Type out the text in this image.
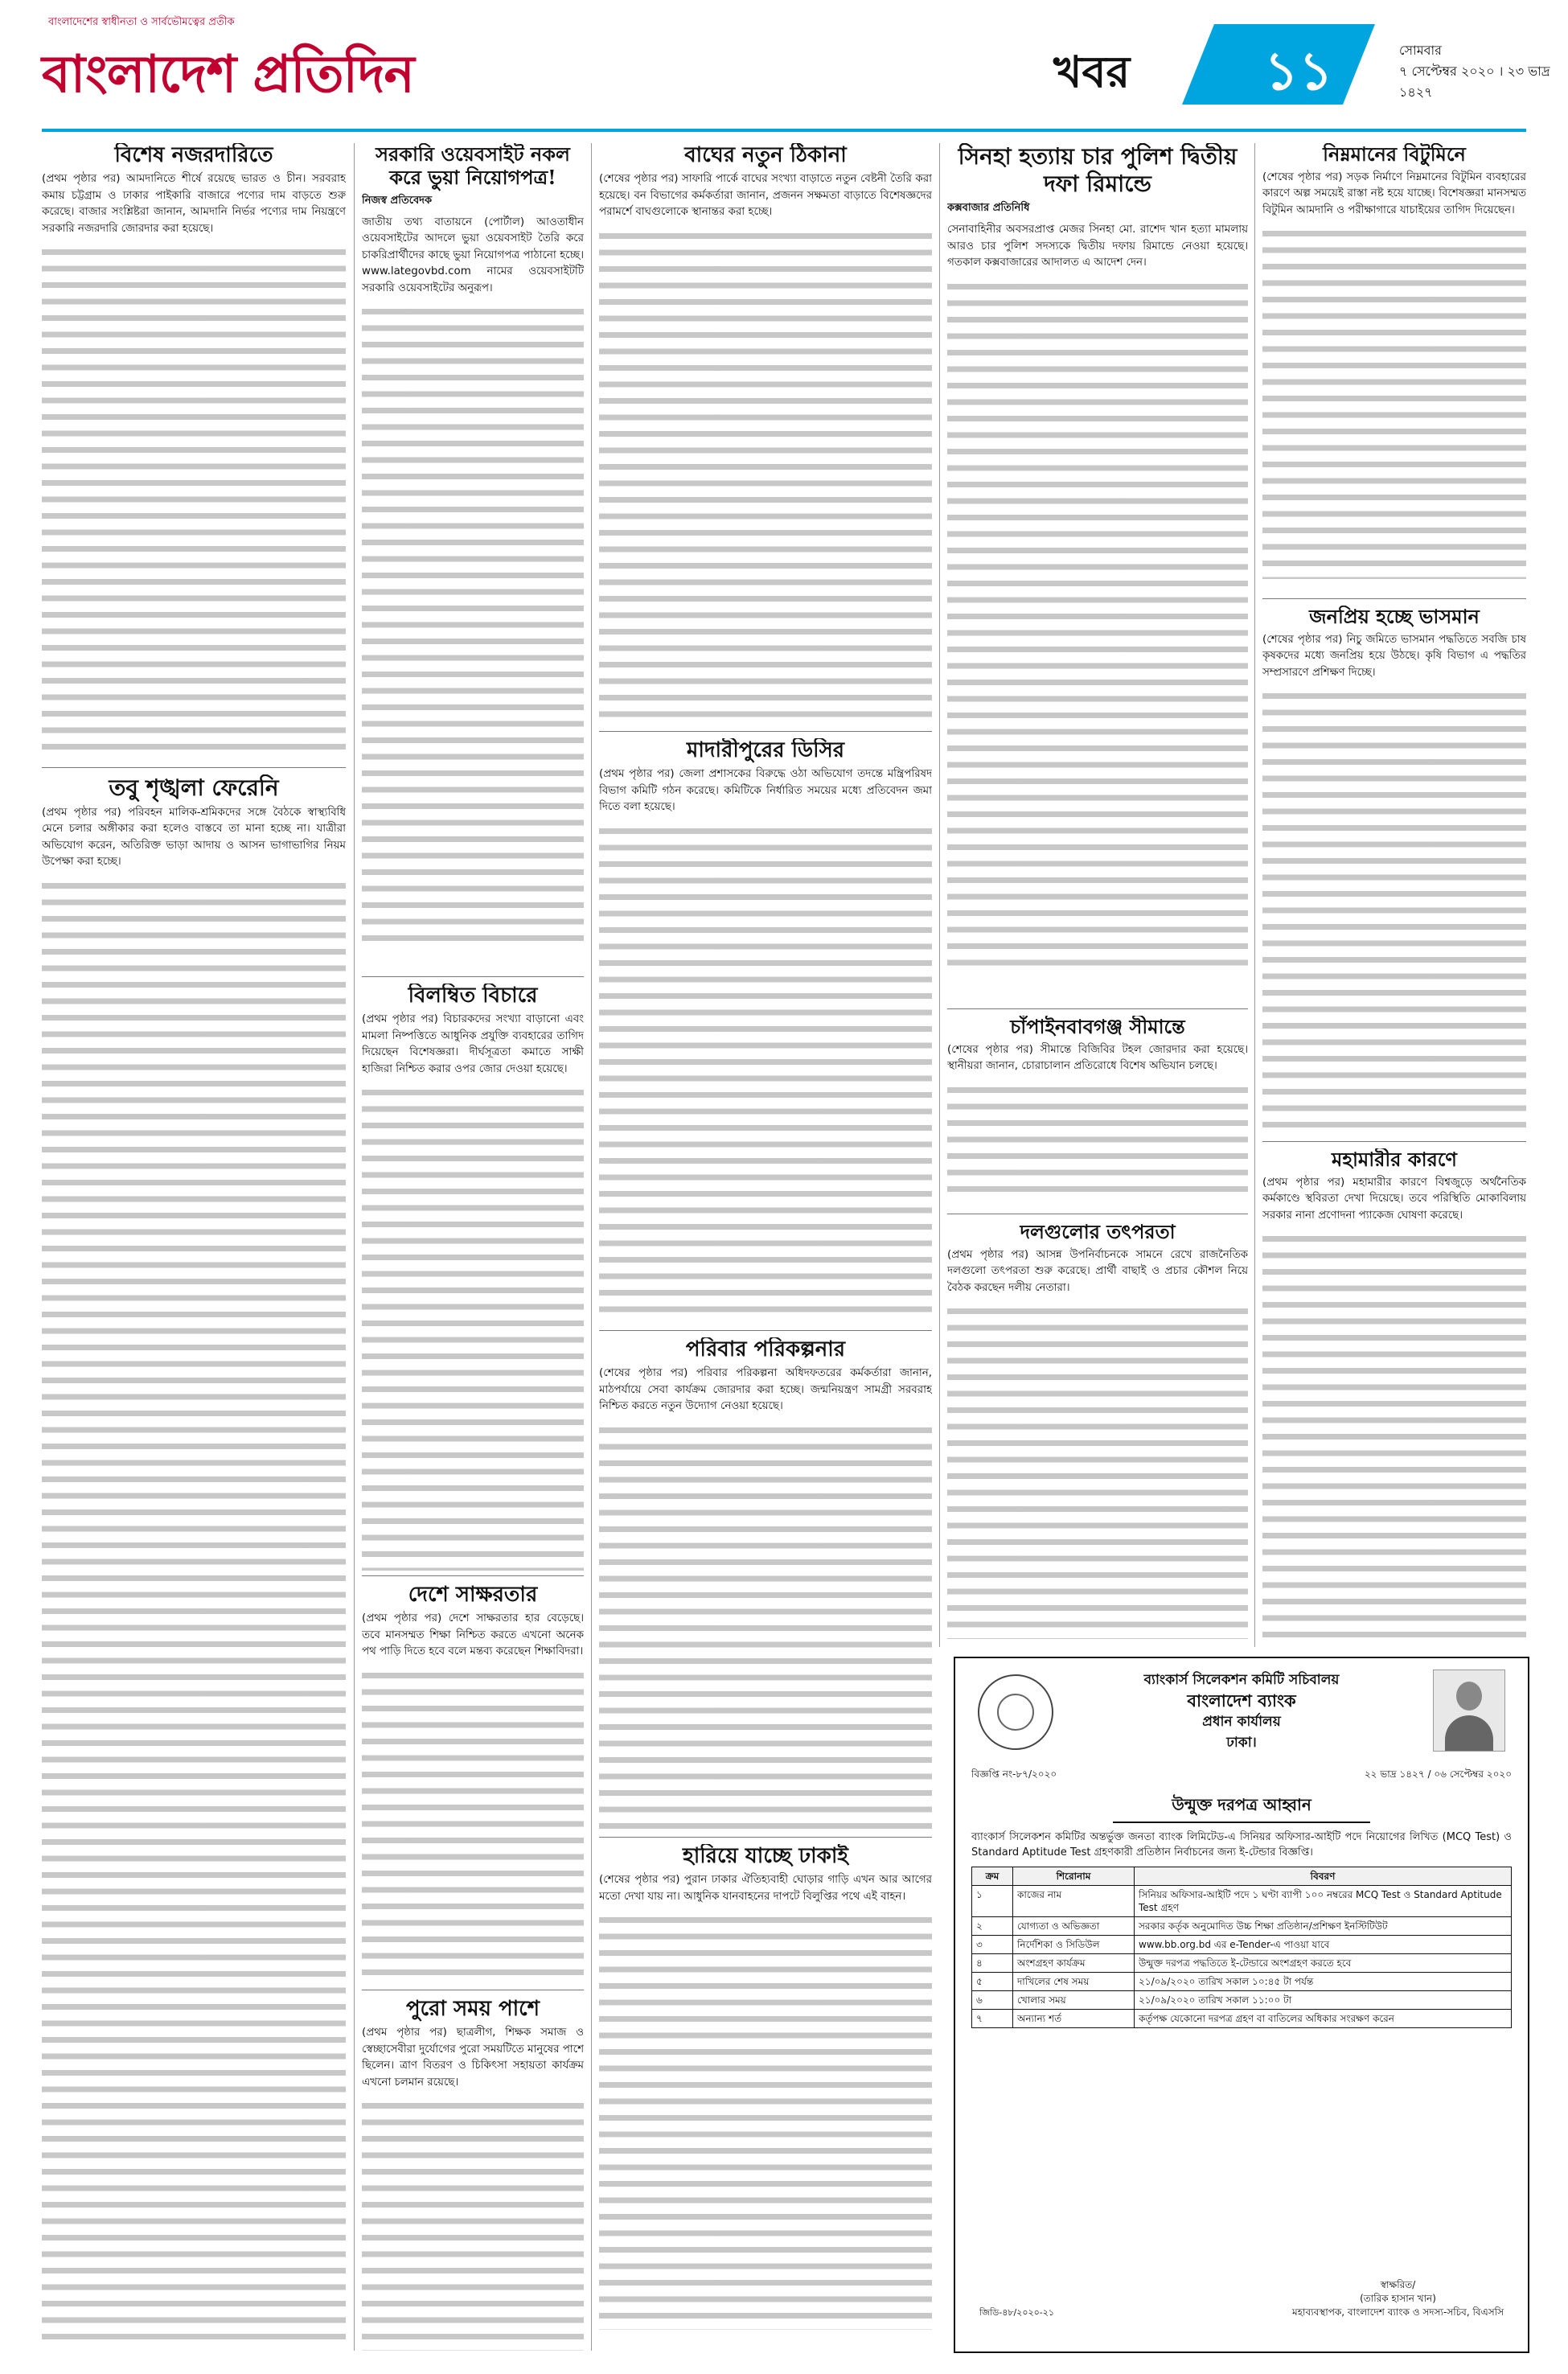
বাংলাদেশের স্বাধীনতা ও সার্বভৌমত্বের প্রতীক
বাংলাদেশ প্রতিদিন	খবর	১১	সোমবার
৭ সেপ্টেম্বর ২০২০ । ২৩ ভাদ্র ১৪২৭
বিশেষ নজরদারিতে

(প্রথম পৃষ্ঠার পর) আমদানিতে শীর্ষে রয়েছে ভারত ও চীন। সরবরাহ কমায় চট্টগ্রাম ও ঢাকার পাইকারি বাজারে পণ্যের দাম বাড়তে শুরু করেছে। বাজার সংশ্লিষ্টরা জানান, আমদানি নির্ভর পণ্যের দাম নিয়ন্ত্রণে সরকারি নজরদারি জোরদার করা হয়েছে।

তবু শৃঙ্খলা ফেরেনি

(প্রথম পৃষ্ঠার পর) পরিবহন মালিক-শ্রমিকদের সঙ্গে বৈঠকে স্বাস্থ্যবিধি মেনে চলার অঙ্গীকার করা হলেও বাস্তবে তা মানা হচ্ছে না। যাত্রীরা অভিযোগ করেন, অতিরিক্ত ভাড়া আদায় ও আসন ভাগাভাগির নিয়ম উপেক্ষা করা হচ্ছে।

সরকারি ওয়েবসাইট নকল করে ভুয়া নিয়োগপত্র!
নিজস্ব প্রতিবেদক

জাতীয় তথ্য বাতায়নে (পোর্টাল) আওতাধীন ওয়েবসাইটের আদলে ভুয়া ওয়েবসাইট তৈরি করে চাকরিপ্রার্থীদের কাছে ভুয়া নিয়োগপত্র পাঠানো হচ্ছে। www.lategovbd.com নামের ওয়েবসাইটটি সরকারি ওয়েবসাইটের অনুরূপ।

বিলম্বিত বিচারে

(প্রথম পৃষ্ঠার পর) বিচারকদের সংখ্যা বাড়ানো এবং মামলা নিষ্পত্তিতে আধুনিক প্রযুক্তি ব্যবহারের তাগিদ দিয়েছেন বিশেষজ্ঞরা। দীর্ঘসূত্রতা কমাতে সাক্ষী হাজিরা নিশ্চিত করার ওপর জোর দেওয়া হয়েছে।

দেশে সাক্ষরতার

(প্রথম পৃষ্ঠার পর) দেশে সাক্ষরতার হার বেড়েছে। তবে মানসম্মত শিক্ষা নিশ্চিত করতে এখনো অনেক পথ পাড়ি দিতে হবে বলে মন্তব্য করেছেন শিক্ষাবিদরা।

পুরো সময় পাশে

(প্রথম পৃষ্ঠার পর) ছাত্রলীগ, শিক্ষক সমাজ ও স্বেচ্ছাসেবীরা দুর্যোগের পুরো সময়টিতে মানুষের পাশে ছিলেন। ত্রাণ বিতরণ ও চিকিৎসা সহায়তা কার্যক্রম এখনো চলমান রয়েছে।

বাঘের নতুন ঠিকানা

(শেষের পৃষ্ঠার পর) সাফারি পার্কে বাঘের সংখ্যা বাড়াতে নতুন বেষ্টনী তৈরি করা হয়েছে। বন বিভাগের কর্মকর্তারা জানান, প্রজনন সক্ষমতা বাড়াতে বিশেষজ্ঞদের পরামর্শে বাঘগুলোকে স্থানান্তর করা হচ্ছে।

মাদারীপুরের ডিসির

(প্রথম পৃষ্ঠার পর) জেলা প্রশাসকের বিরুদ্ধে ওঠা অভিযোগ তদন্তে মন্ত্রিপরিষদ বিভাগ কমিটি গঠন করেছে। কমিটিকে নির্ধারিত সময়ের মধ্যে প্রতিবেদন জমা দিতে বলা হয়েছে।

পরিবার পরিকল্পনার

(শেষের পৃষ্ঠার পর) পরিবার পরিকল্পনা অধিদফতরের কর্মকর্তারা জানান, মাঠপর্যায়ে সেবা কার্যক্রম জোরদার করা হচ্ছে। জন্মনিয়ন্ত্রণ সামগ্রী সরবরাহ নিশ্চিত করতে নতুন উদ্যোগ নেওয়া হয়েছে।

হারিয়ে যাচ্ছে ঢাকাই

(শেষের পৃষ্ঠার পর) পুরান ঢাকার ঐতিহ্যবাহী ঘোড়ার গাড়ি এখন আর আগের মতো দেখা যায় না। আধুনিক যানবাহনের দাপটে বিলুপ্তির পথে এই বাহন।

সিনহা হত্যায় চার পুলিশ দ্বিতীয় দফা রিমান্ডে
কক্সবাজার প্রতিনিধি

সেনাবাহিনীর অবসরপ্রাপ্ত মেজর সিনহা মো. রাশেদ খান হত্যা মামলায় আরও চার পুলিশ সদস্যকে দ্বিতীয় দফায় রিমান্ডে নেওয়া হয়েছে। গতকাল কক্সবাজারের আদালত এ আদেশ দেন।

চাঁপাইনবাবগঞ্জ সীমান্তে

(শেষের পৃষ্ঠার পর) সীমান্তে বিজিবির টহল জোরদার করা হয়েছে। স্থানীয়রা জানান, চোরাচালান প্রতিরোধে বিশেষ অভিযান চলছে।

দলগুলোর তৎপরতা

(প্রথম পৃষ্ঠার পর) আসন্ন উপনির্বাচনকে সামনে রেখে রাজনৈতিক দলগুলো তৎপরতা শুরু করেছে। প্রার্থী বাছাই ও প্রচার কৌশল নিয়ে বৈঠক করছেন দলীয় নেতারা।

নিম্নমানের বিটুমিনে

(শেষের পৃষ্ঠার পর) সড়ক নির্মাণে নিম্নমানের বিটুমিন ব্যবহারের কারণে অল্প সময়েই রাস্তা নষ্ট হয়ে যাচ্ছে। বিশেষজ্ঞরা মানসম্মত বিটুমিন আমদানি ও পরীক্ষাগারে যাচাইয়ের তাগিদ দিয়েছেন।

জনপ্রিয় হচ্ছে ভাসমান

(শেষের পৃষ্ঠার পর) নিচু জমিতে ভাসমান পদ্ধতিতে সবজি চাষ কৃষকদের মধ্যে জনপ্রিয় হয়ে উঠছে। কৃষি বিভাগ এ পদ্ধতির সম্প্রসারণে প্রশিক্ষণ দিচ্ছে।

মহামারীর কারণে

(প্রথম পৃষ্ঠার পর) মহামারীর কারণে বিশ্বজুড়ে অর্থনৈতিক কর্মকাণ্ডে স্থবিরতা দেখা দিয়েছে। তবে পরিস্থিতি মোকাবিলায় সরকার নানা প্রণোদনা প্যাকেজ ঘোষণা করেছে।

ব্যাংকার্স সিলেকশন কমিটি সচিবালয়

বাংলাদেশ ব্যাংক

প্রধান কার্যালয়

ঢাকা।

বিজ্ঞপ্তি নং-৮৭/২০২০	২২ ভাদ্র ১৪২৭ / ০৬ সেপ্টেম্বর ২০২০
উন্মুক্ত দরপত্র আহ্বান

ব্যাংকার্স সিলেকশন কমিটির অন্তর্ভুক্ত জনতা ব্যাংক লিমিটেড-এ সিনিয়র অফিসার-আইটি পদে নিয়োগের লিখিত (MCQ Test) ও Standard Aptitude Test গ্রহণকারী প্রতিষ্ঠান নির্বাচনের জন্য ই-টেন্ডার বিজ্ঞপ্তি।

ক্রম	শিরোনাম	বিবরণ
১	কাজের নাম	সিনিয়র অফিসার-আইটি পদে ১ ঘণ্টা ব্যাপী ১০০ নম্বরের MCQ Test ও Standard Aptitude Test গ্রহণ
২	যোগ্যতা ও অভিজ্ঞতা	সরকার কর্তৃক অনুমোদিত উচ্চ শিক্ষা প্রতিষ্ঠান/প্রশিক্ষণ ইনস্টিটিউট
৩	নির্দেশিকা ও সিডিউল	www.bb.org.bd এর e-Tender-এ পাওয়া যাবে
৪	অংশগ্রহণ কার্যক্রম	উন্মুক্ত দরপত্র পদ্ধতিতে ই-টেন্ডারে অংশগ্রহণ করতে হবে
৫	দাখিলের শেষ সময়	২১/০৯/২০২০ তারিখ সকাল ১০:৪৫ টা পর্যন্ত
৬	খোলার সময়	২১/০৯/২০২০ তারিখ সকাল ১১:০০ টা
৭	অন্যান্য শর্ত	কর্তৃপক্ষ যেকোনো দরপত্র গ্রহণ বা বাতিলের অধিকার সংরক্ষণ করেন
জিডি-৪৮/২০২০-২১
স্বাক্ষরিত/
(তারিক হাসান খান)
মহাব্যবস্থাপক, বাংলাদেশ ব্যাংক ও সদস্য-সচিব, বিএসসি
